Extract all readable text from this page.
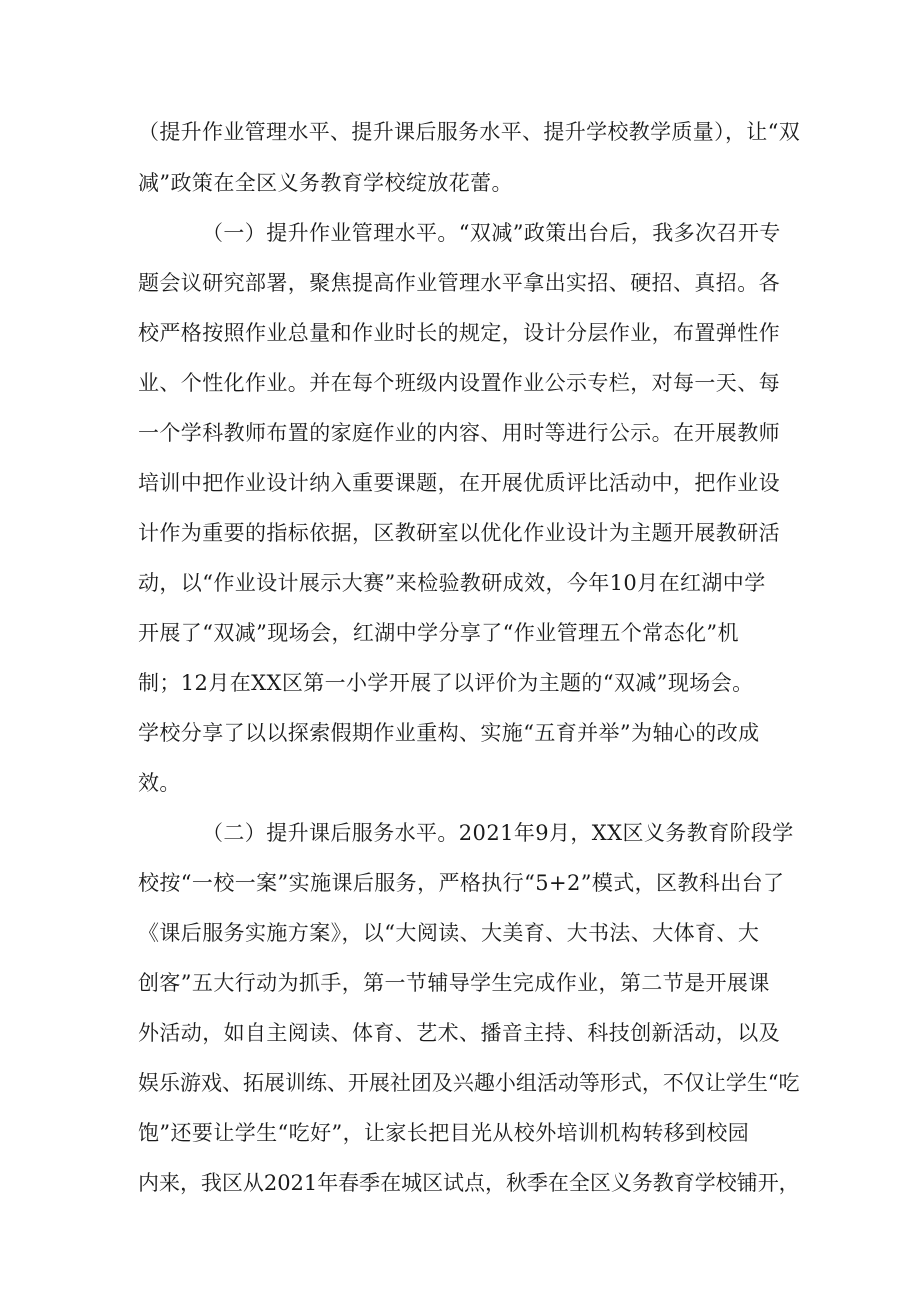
（提升作业管理水平、提升课后服务水平、提升学校教学质量），让“双
减”政策在全区义务教育学校绽放花蕾。
（一）提升作业管理水平。“双减”政策出台后，我多次召开专
题会议研究部署，聚焦提高作业管理水平拿出实招、硬招、真招。各
校严格按照作业总量和作业时长的规定，设计分层作业，布置弹性作
业、个性化作业。并在每个班级内设置作业公示专栏，对每一天、每
一个学科教师布置的家庭作业的内容、用时等进行公示。在开展教师
培训中把作业设计纳入重要课题，在开展优质评比活动中，把作业设
计作为重要的指标依据，区教研室以优化作业设计为主题开展教研活
动，以“作业设计展示大赛”来检验教研成效，今年10月在红湖中学
开展了“双减”现场会，红湖中学分享了“作业管理五个常态化”机
制；12月在XX区第一小学开展了以评价为主题的“双减”现场会。
学校分享了以以探索假期作业重构、实施“五育并举”为轴心的改成
效。
（二）提升课后服务水平。2021年9月，XX区义务教育阶段学
校按“一校一案”实施课后服务，严格执行“5+2”模式，区教科出台了
《课后服务实施方案》，以“大阅读、大美育、大书法、大体育、大
创客”五大行动为抓手，第一节辅导学生完成作业，第二节是开展课
外活动，如自主阅读、体育、艺术、播音主持、科技创新活动，以及
娱乐游戏、拓展训练、开展社团及兴趣小组活动等形式，不仅让学生“吃
饱”还要让学生“吃好”，让家长把目光从校外培训机构转移到校园
内来，我区从2021年春季在城区试点，秋季在全区义务教育学校铺开，
